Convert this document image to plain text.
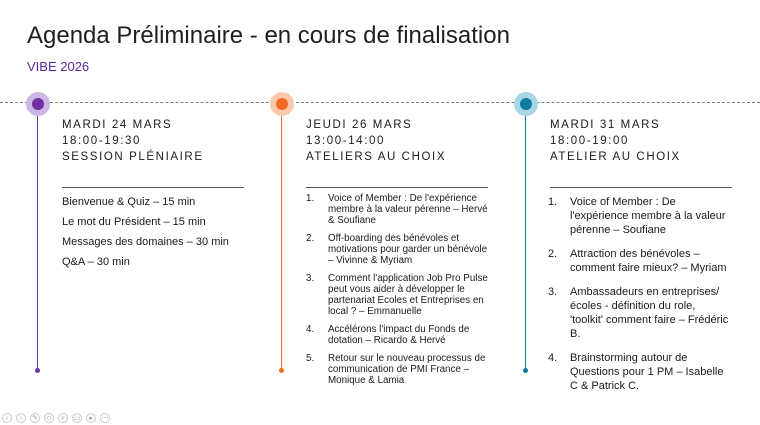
Agenda Préliminaire - en cours de finalisation
VIBE 2026
MARDI 24 MARS
18:00-19:30
SESSION PLÉNIAIRE
Bienvenue & Quiz – 15 min
Le mot du Président – 15 min
Messages des domaines – 30 min
Q&A – 30 min
JEUDI 26 MARS
13:00-14:00
ATELIERS AU CHOIX
1. Voice of Member : De l'expérience membre à la valeur pérenne – Hervé & Soufiane
2. Off-boarding des bénévoles et motivations pour garder un bénévole – Vivinne & Myriam
3. Comment l'application Job Pro Pulse peut vous aider à développer le partenariat Ecoles et Entreprises en local ? – Emmanuelle
4. Accélérons l'impact du Fonds de dotation – Ricardo & Hervé
5. Retour sur le nouveau processus de communication de PMI France – Monique & Lamia
MARDI 31 MARS
18:00-19:00
ATELIER AU CHOIX
1. Voice of Member : De l'expérience membre à la valeur pérenne – Soufiane
2. Attraction des bénévoles – comment faire mieux? – Myriam
3. Ambassadeurs en entreprises/écoles - définition du role, 'toolkit' comment faire – Frédéric B.
4. Brainstorming autour de Questions pour 1 PM – Isabelle C & Patrick C.
‹	›	✎	◇	⌕	▭	▸	⋯
